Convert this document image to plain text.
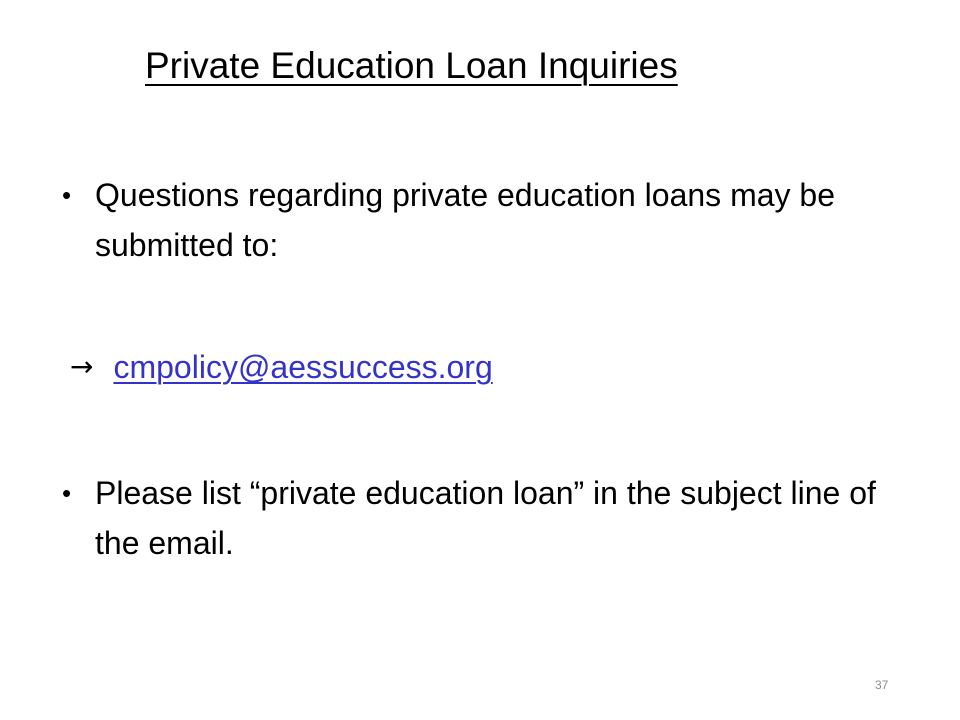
Private Education Loan Inquiries
• Questions regarding private education loans may be submitted to:
→ cmpolicy@aessuccess.org
• Please list “private education loan” in the subject line of the email.
37
